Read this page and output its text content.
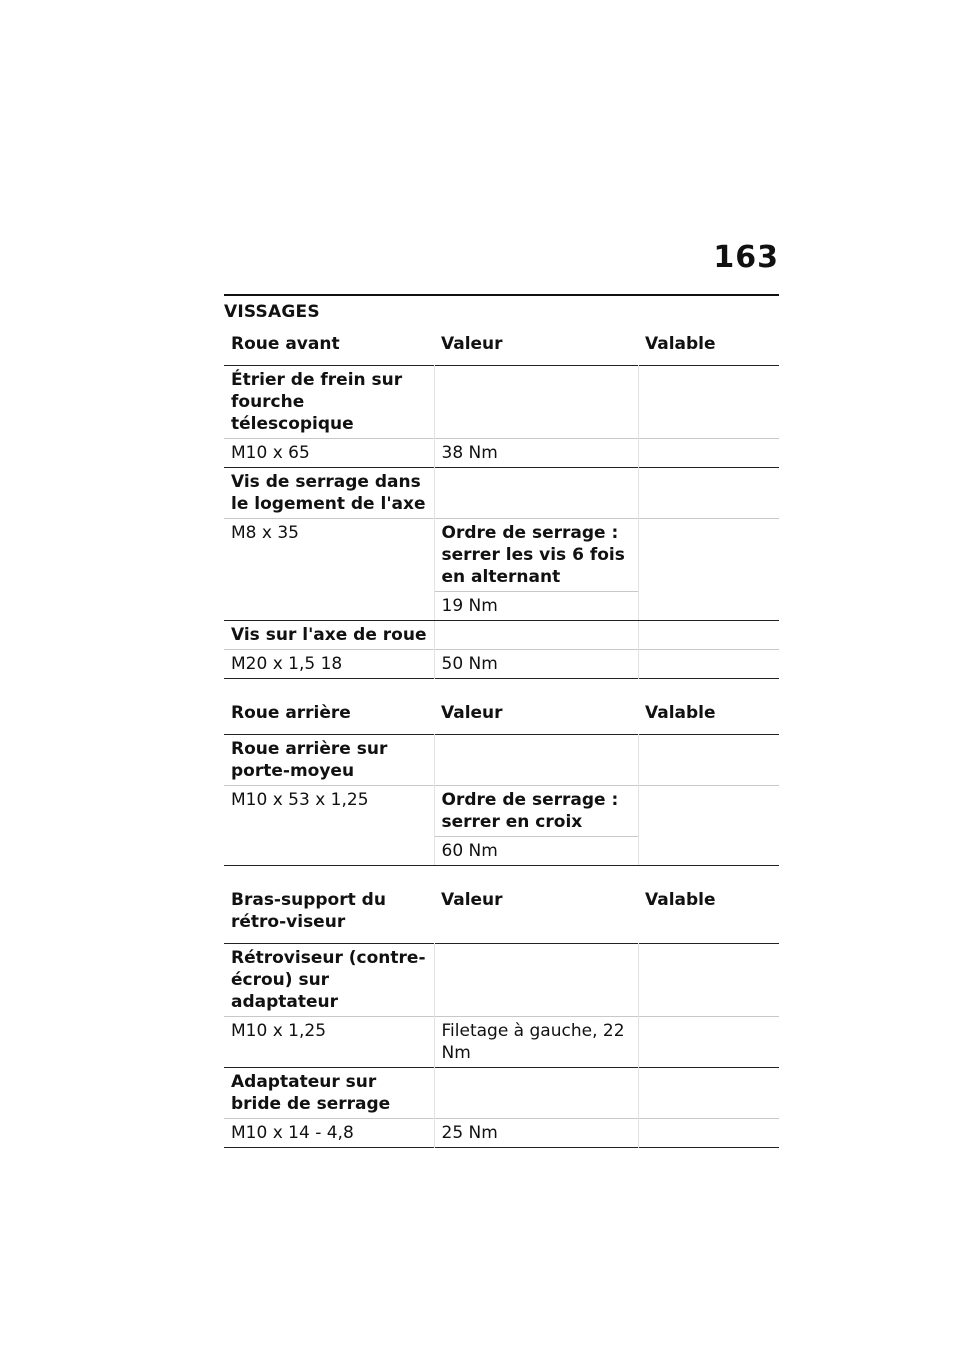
163
VISSAGES
Roue avant	Valeur	Valable
Étrier de frein sur fourche télescopique		
M10 x 65	38 Nm	
Vis de serrage dans le logement de l'axe		
M8 x 35	Ordre de serrage : serrer les vis 6 fois en alternant	
	19 Nm	
Vis sur l'axe de roue		
M20 x 1,5 18	50 Nm	
Roue arrière	Valeur	Valable
Roue arrière sur porte-moyeu		
M10 x 53 x 1,25	Ordre de serrage : serrer en croix	
	60 Nm	
Bras-support du rétro-viseur	Valeur	Valable
Rétroviseur (contre-écrou) sur adaptateur		
M10 x 1,25	Filetage à gauche, 22 Nm	
Adaptateur sur bride de serrage		
M10 x 14 - 4,8	25 Nm	
